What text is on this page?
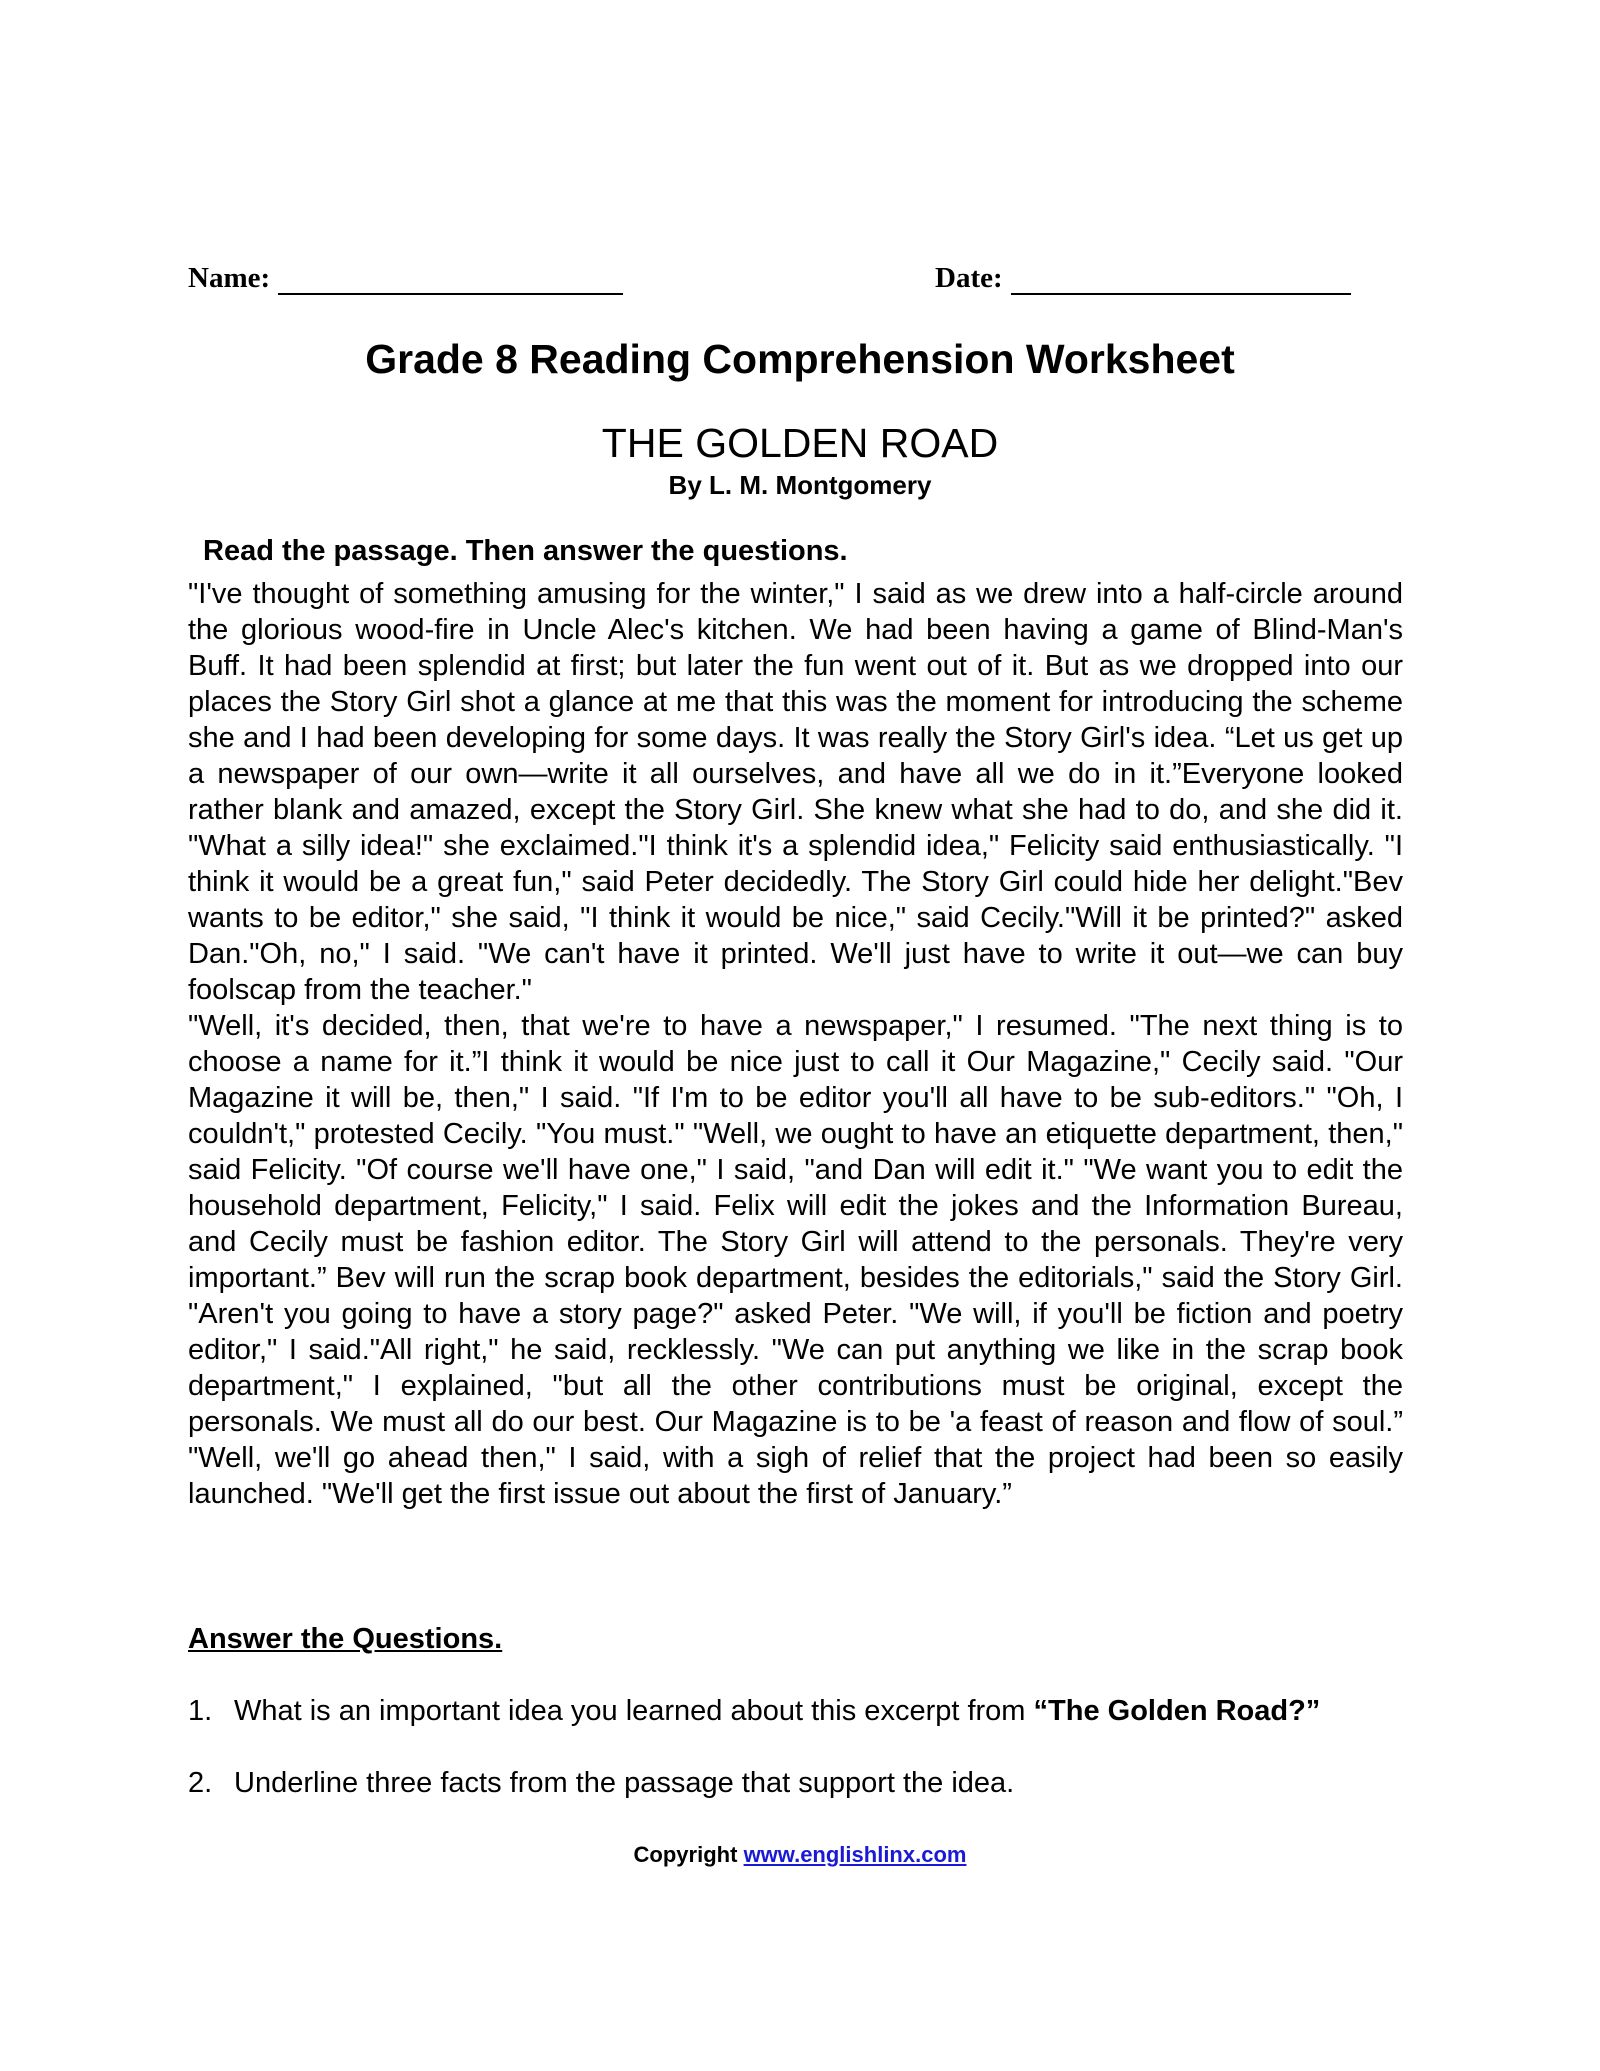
Name:	Date:
Grade 8 Reading Comprehension Worksheet
THE GOLDEN ROAD
By L. M. Montgomery
Read the passage. Then answer the questions.

"I've thought of something amusing for the winter," I said as we drew into a half-circle around the glorious wood-fire in Uncle Alec's kitchen. We had been having a game of Blind-Man's Buff. It had been splendid at first; but later the fun went out of it. But as we dropped into our places the Story Girl shot a glance at me that this was the moment for introducing the scheme she and I had been developing for some days. It was really the Story Girl's idea. “Let us get up a newspaper of our own—write it all ourselves, and have all we do in it.”Everyone looked rather blank and amazed, except the Story Girl. She knew what she had to do, and she did it. "What a silly idea!" she exclaimed."I think it's a splendid idea," Felicity said enthusiastically. "I think it would be a great fun," said Peter decidedly. The Story Girl could hide her delight."Bev wants to be editor," she said, "I think it would be nice," said Cecily."Will it be printed?" asked Dan."Oh, no," I said. "We can't have it printed. We'll just have to write it out—we can buy foolscap from the teacher."

"Well, it's decided, then, that we're to have a newspaper," I resumed. "The next thing is to choose a name for it.”I think it would be nice just to call it Our Magazine," Cecily said. "Our Magazine it will be, then," I said. "If I'm to be editor you'll all have to be sub-editors." "Oh, I couldn't," protested Cecily. "You must." "Well, we ought to have an etiquette department, then," said Felicity. "Of course we'll have one," I said, "and Dan will edit it." "We want you to edit the household department, Felicity," I said. Felix will edit the jokes and the Information Bureau, and Cecily must be fashion editor. The Story Girl will attend to the personals. They're very important.” Bev will run the scrap book department, besides the editorials," said the Story Girl. "Aren't you going to have a story page?" asked Peter. "We will, if you'll be fiction and poetry editor," I said."All right," he said, recklessly. "We can put anything we like in the scrap book department," I explained, "but all the other contributions must be original, except the personals. We must all do our best. Our Magazine is to be 'a feast of reason and flow of soul.” "Well, we'll go ahead then," I said, with a sigh of relief that the project had been so easily launched. "We'll get the first issue out about the first of January.”

Answer the Questions.
1. What is an important idea you learned about this excerpt from “The Golden Road?”
2. Underline three facts from the passage that support the idea.
Copyright www.englishlinx.com
